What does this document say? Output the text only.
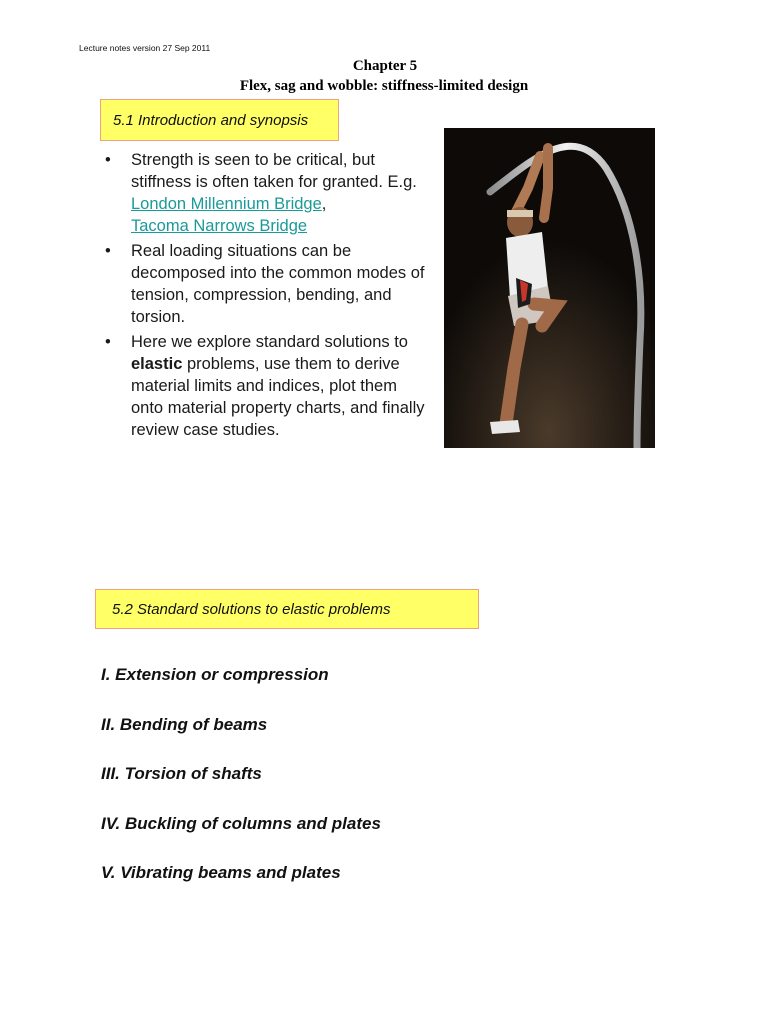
Lecture notes version 27 Sep 2011
Chapter 5
Flex, sag and wobble: stiffness-limited design
5.1 Introduction and synopsis
• Strength is seen to be critical, but stiffness is often taken for granted. E.g. London Millennium Bridge,
Tacoma Narrows Bridge
• Real loading situations can be decomposed into the common modes of tension, compression, bending, and torsion.
• Here we explore standard solutions to elastic problems, use them to derive material limits and indices, plot them onto material property charts, and finally review case studies.
5.2 Standard solutions to elastic problems
I. Extension or compression
II. Bending of beams
III. Torsion of shafts
IV. Buckling of columns and plates
V. Vibrating beams and plates
